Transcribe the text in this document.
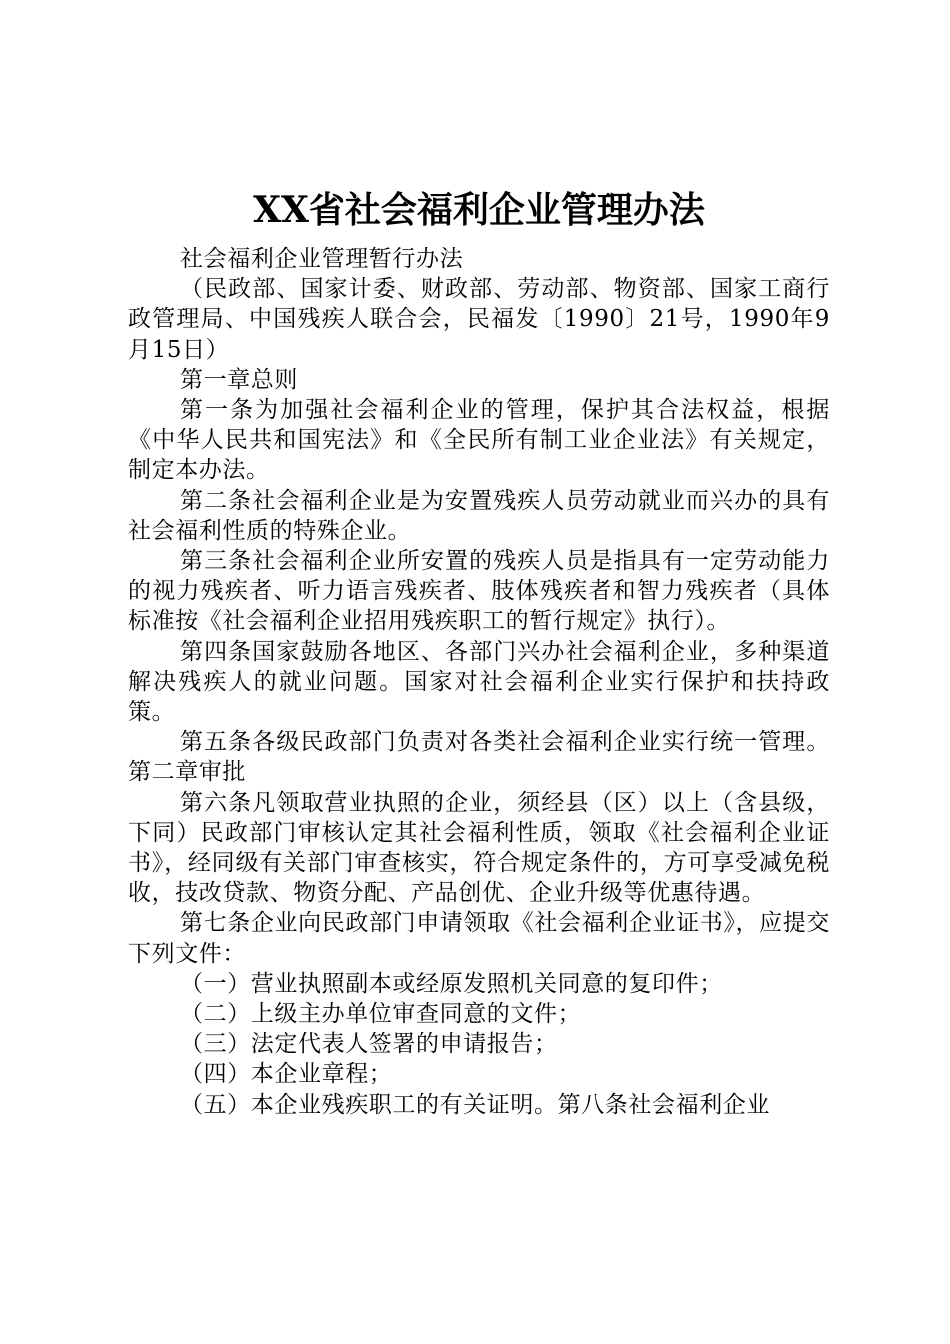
XX省社会福利企业管理办法

社会福利企业管理暂行办法

（民政部、国家计委、财政部、劳动部、物资部、国家工商行政管理局、中国残疾人联合会，民福发〔1990〕21号，1990年9月15日）

第一章总则

第一条为加强社会福利企业的管理，保护其合法权益，根据《中华人民共和国宪法》和《全民所有制工业企业法》有关规定，制定本办法。

第二条社会福利企业是为安置残疾人员劳动就业而兴办的具有社会福利性质的特殊企业。

第三条社会福利企业所安置的残疾人员是指具有一定劳动能力的视力残疾者、听力语言残疾者、肢体残疾者和智力残疾者（具体标准按《社会福利企业招用残疾职工的暂行规定》执行）。

第四条国家鼓励各地区、各部门兴办社会福利企业，多种渠道解决残疾人的就业问题。国家对社会福利企业实行保护和扶持政策。

第五条各级民政部门负责对各类社会福利企业实行统一管理。第二章审批

第六条凡领取营业执照的企业，须经县（区）以上（含县级，下同）民政部门审核认定其社会福利性质，领取《社会福利企业证书》，经同级有关部门审查核实，符合规定条件的，方可享受减免税收，技改贷款、物资分配、产品创优、企业升级等优惠待遇。

第七条企业向民政部门申请领取《社会福利企业证书》，应提交下列文件：

（一）营业执照副本或经原发照机关同意的复印件；

（二）上级主办单位审查同意的文件；

（三）法定代表人签署的申请报告；

（四）本企业章程；

（五）本企业残疾职工的有关证明。第八条社会福利企业
